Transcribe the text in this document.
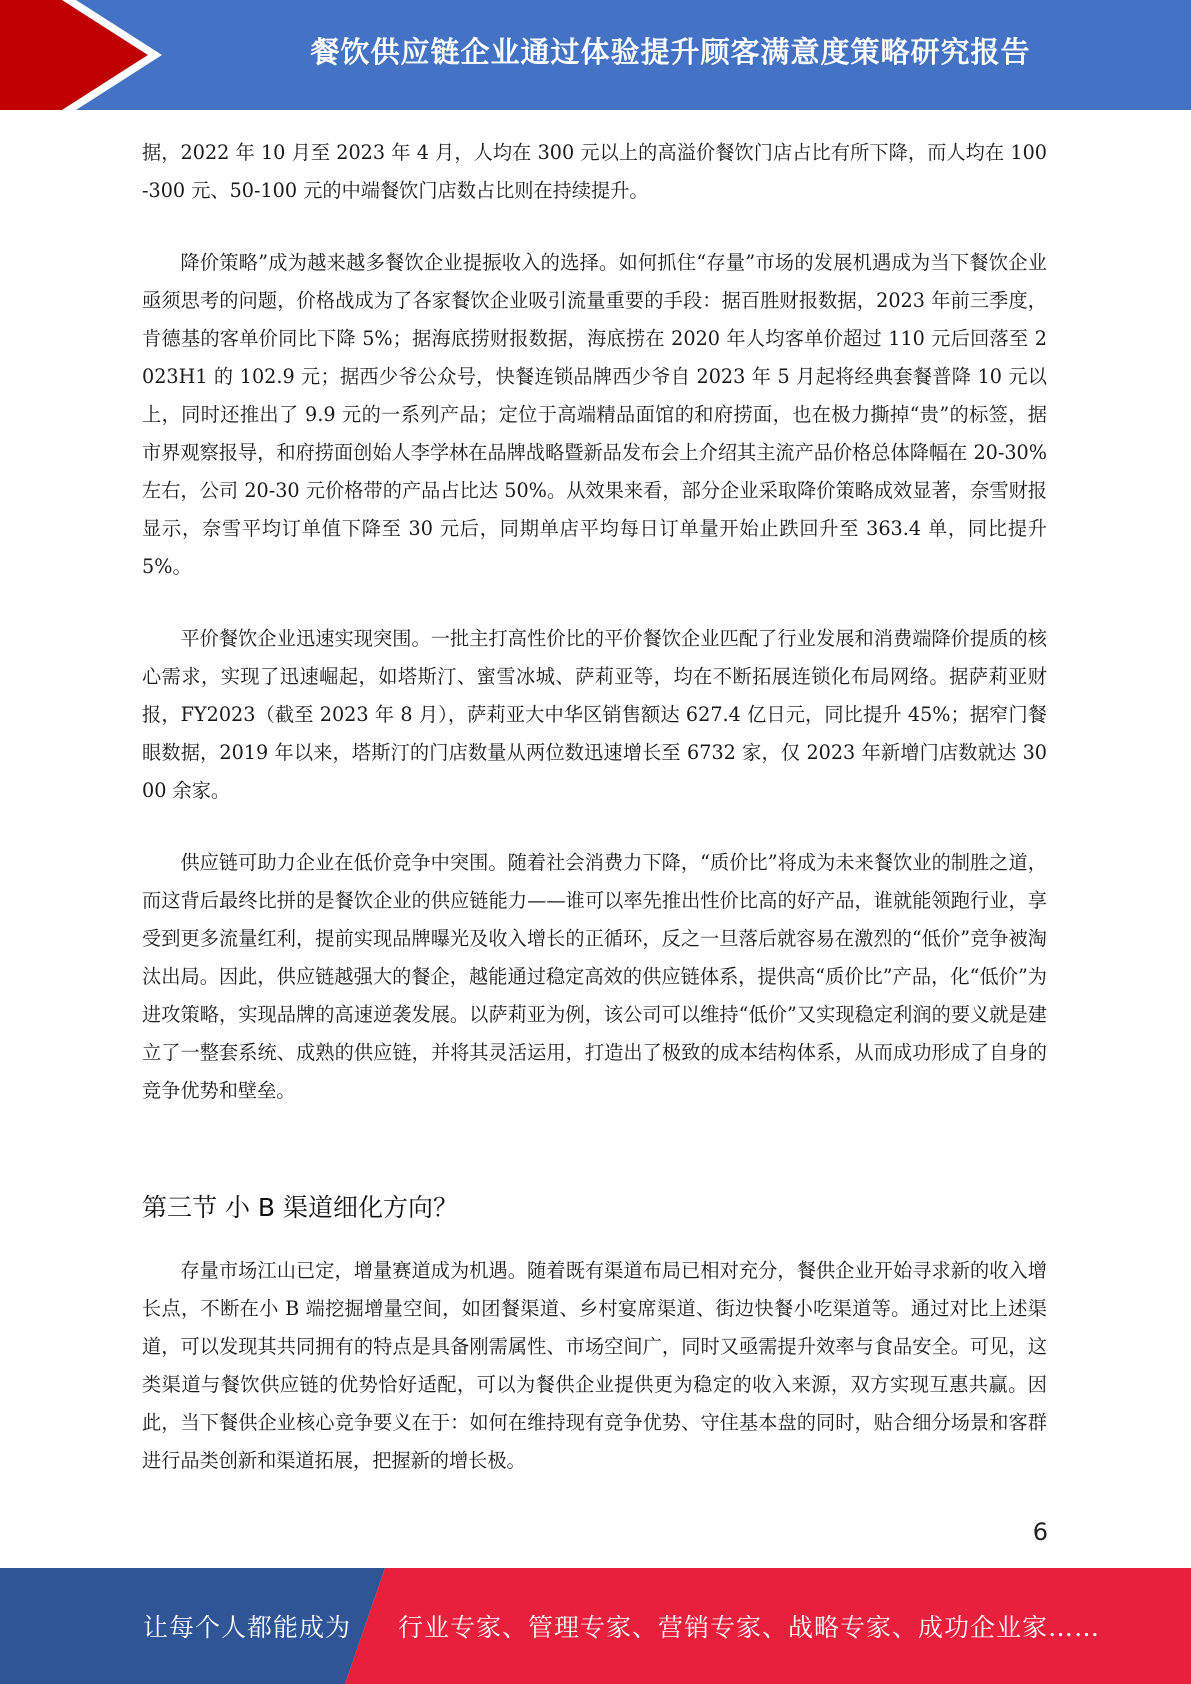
餐饮供应链企业通过体验提升顾客满意度策略研究报告

据，2022 年 10 月至 2023 年 4 月，人均在 300 元以上的高溢价餐饮门店占比有所下降，而人均在 100-300 元、50-100 元的中端餐饮门店数占比则在持续提升。

降价策略”成为越来越多餐饮企业提振收入的选择。如何抓住“存量”市场的发展机遇成为当下餐饮企业亟须思考的问题，价格战成为了各家餐饮企业吸引流量重要的手段：据百胜财报数据，2023 年前三季度，肯德基的客单价同比下降 5%；据海底捞财报数据，海底捞在 2020 年人均客单价超过 110 元后回落至 2023H1 的 102.9 元；据西少爷公众号，快餐连锁品牌西少爷自 2023 年 5 月起将经典套餐普降 10 元以上，同时还推出了 9.9 元的一系列产品；定位于高端精品面馆的和府捞面，也在极力撕掉“贵”的标签，据市界观察报导，和府捞面创始人李学林在品牌战略暨新品发布会上介绍其主流产品价格总体降幅在 20-30%左右，公司 20-30 元价格带的产品占比达 50%。从效果来看，部分企业采取降价策略成效显著，奈雪财报显示，奈雪平均订单值下降至 30 元后，同期单店平均每日订单量开始止跌回升至 363.4 单，同比提升 5%。

平价餐饮企业迅速实现突围。一批主打高性价比的平价餐饮企业匹配了行业发展和消费端降价提质的核心需求，实现了迅速崛起，如塔斯汀、蜜雪冰城、萨莉亚等，均在不断拓展连锁化布局网络。据萨莉亚财报，FY2023（截至 2023 年 8 月），萨莉亚大中华区销售额达 627.4 亿日元，同比提升 45%；据窄门餐眼数据，2019 年以来，塔斯汀的门店数量从两位数迅速增长至 6732 家，仅 2023 年新增门店数就达 3000 余家。

供应链可助力企业在低价竞争中突围。随着社会消费力下降，“质价比”将成为未来餐饮业的制胜之道，而这背后最终比拼的是餐饮企业的供应链能力——谁可以率先推出性价比高的好产品，谁就能领跑行业，享受到更多流量红利，提前实现品牌曝光及收入增长的正循环，反之一旦落后就容易在激烈的“低价”竞争被淘汰出局。因此，供应链越强大的餐企，越能通过稳定高效的供应链体系，提供高“质价比”产品，化“低价”为进攻策略，实现品牌的高速逆袭发展。以萨莉亚为例，该公司可以维持“低价”又实现稳定利润的要义就是建立了一整套系统、成熟的供应链，并将其灵活运用，打造出了极致的成本结构体系，从而成功形成了自身的竞争优势和壁垒。

第三节 小 B 渠道细化方向？

存量市场江山已定，增量赛道成为机遇。随着既有渠道布局已相对充分，餐供企业开始寻求新的收入增长点，不断在小 B 端挖掘增量空间，如团餐渠道、乡村宴席渠道、街边快餐小吃渠道等。通过对比上述渠道，可以发现其共同拥有的特点是具备刚需属性、市场空间广，同时又亟需提升效率与食品安全。可见，这类渠道与餐饮供应链的优势恰好适配，可以为餐供企业提供更为稳定的收入来源，双方实现互惠共赢。因此，当下餐供企业核心竞争要义在于：如何在维持现有竞争优势、守住基本盘的同时，贴合细分场景和客群进行品类创新和渠道拓展，把握新的增长极。

6
让每个人都能成为 行业专家、管理专家、营销专家、战略专家、成功企业家……
